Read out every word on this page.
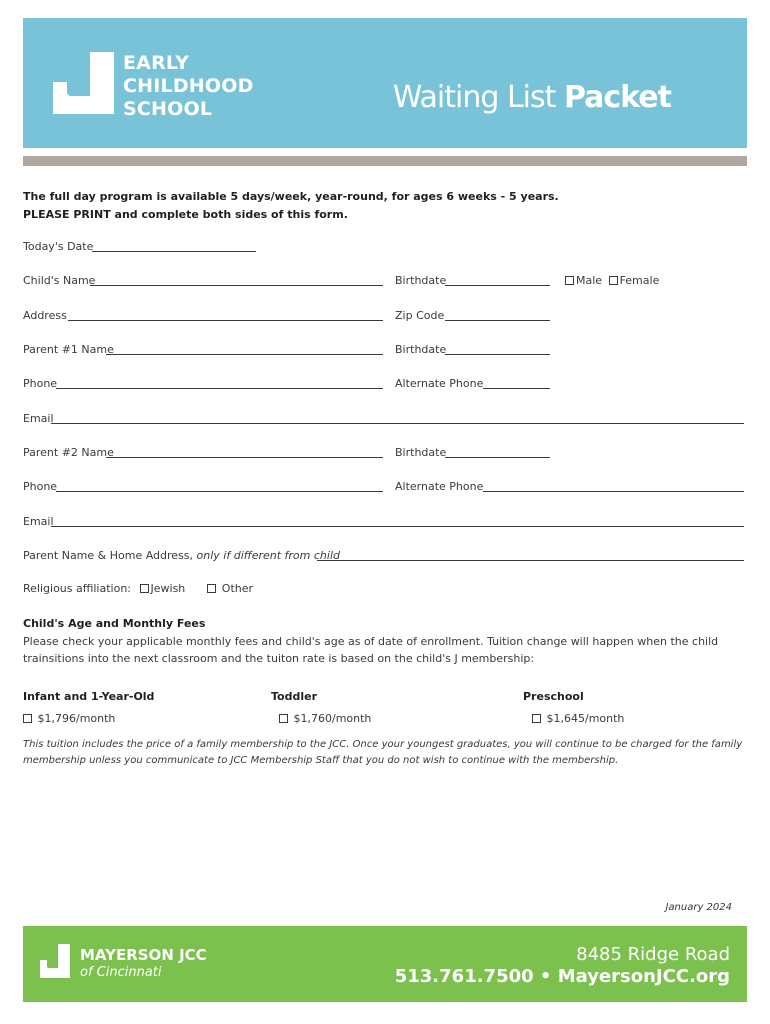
EARLY
CHILDHOOD
SCHOOL	Waiting List Packet
The full day program is available 5 days/week, year-round, for ages 6 weeks - 5 years.
PLEASE PRINT and complete both sides of this form.
Today's Date
Child's Name	Birthdate	Male Female
Address	Zip Code
Parent #1 Name	Birthdate
Phone	Alternate Phone
Email
Parent #2 Name	Birthdate
Phone	Alternate Phone
Email
Parent Name & Home Address, only if different from child
Religious affiliation: Jewish	Other
Child's Age and Monthly Fees
Please check your applicable monthly fees and child's age as of date of enrollment. Tuition change will happen when the child trainsitions into the next classroom and the tuiton rate is based on the child's J membership:
Infant and 1-Year-Old	Toddler	Preschool
$1,796/month	$1,760/month	$1,645/month
This tuition includes the price of a family membership to the JCC. Once your youngest graduates, you will continue to be charged for the family membership unless you communicate to JCC Membership Staff that you do not wish to continue with the membership.
January 2024
MAYERSON JCC
of Cincinnati
8485 Ridge Road
513.761.7500 • MayersonJCC.org
